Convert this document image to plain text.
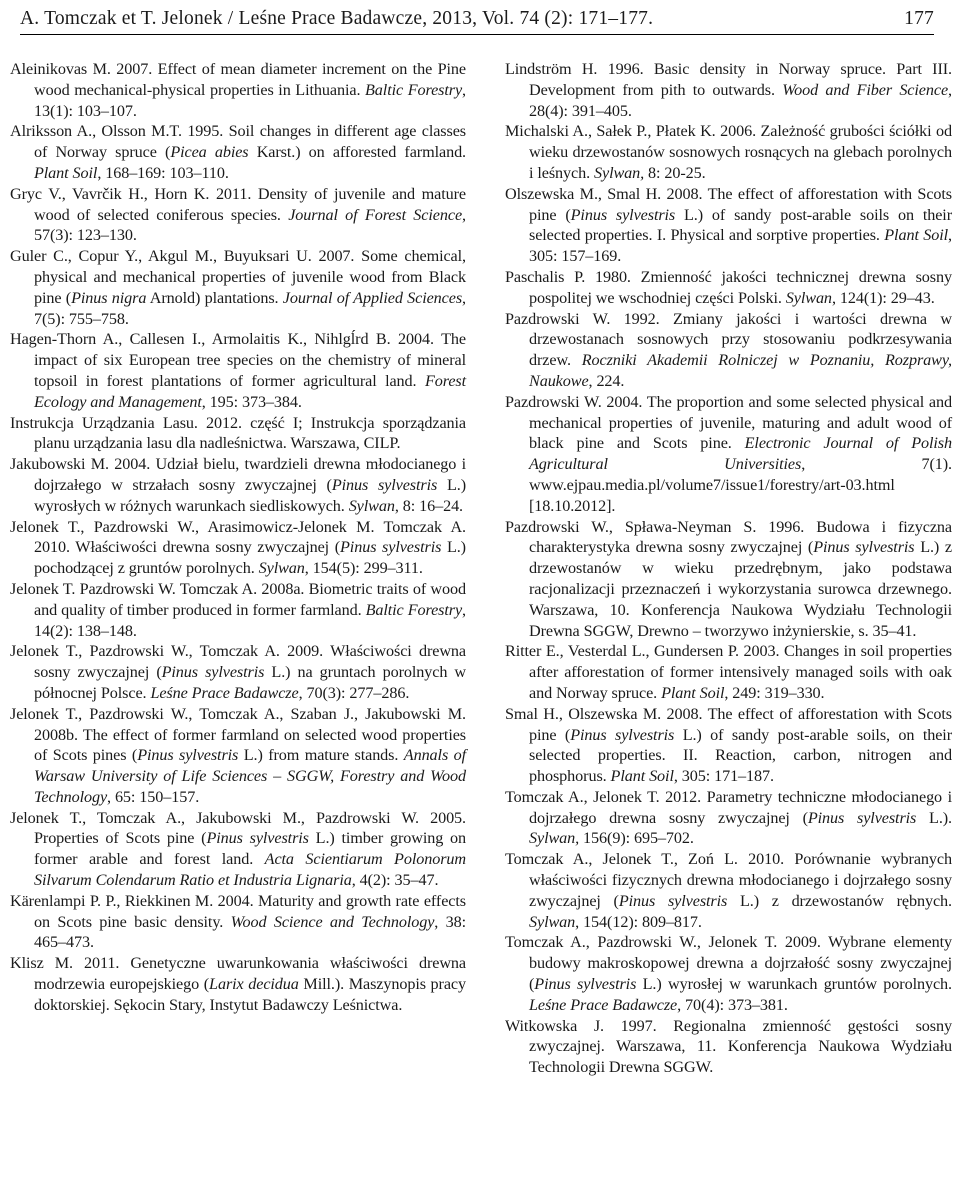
A. Tomczak et T. Jelonek / Leśne Prace Badawcze, 2013, Vol. 74 (2): 171–177.	177

Aleinikovas M. 2007. Effect of mean diameter increment on the Pine wood mechanical-physical properties in Lithuania. Baltic Forestry, 13(1): 103–107.

Alriksson A., Olsson M.T. 1995. Soil changes in different age classes of Norway spruce (Picea abies Karst.) on afforested farmland. Plant Soil, 168–169: 103–110.

Gryc V., Vavrčik H., Horn K. 2011. Density of juvenile and mature wood of selected coniferous species. Journal of Forest Science, 57(3): 123–130.

Guler C., Copur Y., Akgul M., Buyuksari U. 2007. Some chemical, physical and mechanical properties of juvenile wood from Black pine (Pinus nigra Arnold) plantations. Journal of Applied Sciences, 7(5): 755–758.

Hagen-Thorn A., Callesen I., Armolaitis K., Nihlgĺrd B. 2004. The impact of six European tree species on the chemistry of mineral topsoil in forest plantations of former agricultural land. Forest Ecology and Management, 195: 373–384.

Instrukcja Urządzania Lasu. 2012. część I; Instrukcja sporządzania planu urządzania lasu dla nadleśnictwa. Warszawa, CILP.

Jakubowski M. 2004. Udział bielu, twardzieli drewna młodocianego i dojrzałego w strzałach sosny zwyczajnej (Pinus sylvestris L.) wyrosłych w różnych warunkach siedliskowych. Sylwan, 8: 16–24.

Jelonek T., Pazdrowski W., Arasimowicz-Jelonek M. Tomczak A. 2010. Właściwości drewna sosny zwyczajnej (Pinus sylvestris L.) pochodzącej z gruntów porolnych. Sylwan, 154(5): 299–311.

Jelonek T. Pazdrowski W. Tomczak A. 2008a. Biometric traits of wood and quality of timber produced in former farmland. Baltic Forestry, 14(2): 138–148.

Jelonek T., Pazdrowski W., Tomczak A. 2009. Właściwości drewna sosny zwyczajnej (Pinus sylvestris L.) na gruntach porolnych w północnej Polsce. Leśne Prace Badawcze, 70(3): 277–286.

Jelonek T., Pazdrowski W., Tomczak A., Szaban J., Jakubowski M. 2008b. The effect of former farmland on selected wood properties of Scots pines (Pinus sylvestris L.) from mature stands. Annals of Warsaw University of Life Sciences – SGGW, Forestry and Wood Technology, 65: 150–157.

Jelonek T., Tomczak A., Jakubowski M., Pazdrowski W. 2005. Properties of Scots pine (Pinus sylvestris L.) timber growing on former arable and forest land. Acta Scientiarum Polonorum Silvarum Colendarum Ratio et Industria Lignaria, 4(2): 35–47.

Kärenlampi P. P., Riekkinen M. 2004. Maturity and growth rate effects on Scots pine basic density. Wood Science and Technology, 38: 465–473.

Klisz M. 2011. Genetyczne uwarunkowania właściwości drewna modrzewia europejskiego (Larix decidua Mill.). Maszynopis pracy doktorskiej. Sękocin Stary, Instytut Badawczy Leśnictwa.

Lindström H. 1996. Basic density in Norway spruce. Part III. Development from pith to outwards. Wood and Fiber Science, 28(4): 391–405.

Michalski A., Sałek P., Płatek K. 2006. Zależność grubości ściółki od wieku drzewostanów sosnowych rosnących na glebach porolnych i leśnych. Sylwan, 8: 20-25.

Olszewska M., Smal H. 2008. The effect of afforestation with Scots pine (Pinus sylvestris L.) of sandy post-arable soils on their selected properties. I. Physical and sorptive properties. Plant Soil, 305: 157–169.

Paschalis P. 1980. Zmienność jakości technicznej drewna sosny pospolitej we wschodniej części Polski. Sylwan, 124(1): 29–43.

Pazdrowski W. 1992. Zmiany jakości i wartości drewna w drzewostanach sosnowych przy stosowaniu podkrzesywania drzew. Roczniki Akademii Rolniczej w Poznaniu, Rozprawy, Naukowe, 224.

Pazdrowski W. 2004. The proportion and some selected physical and mechanical properties of juvenile, maturing and adult wood of black pine and Scots pine. Electronic Journal of Polish Agricultural Universities, 7(1). www.ejpau.media.pl/volume7/issue1/forestry/art-03.html [18.10.2012].

Pazdrowski W., Spława-Neyman S. 1996. Budowa i fizyczna charakterystyka drewna sosny zwyczajnej (Pinus sylvestris L.) z drzewostanów w wieku przedrębnym, jako podstawa racjonalizacji przeznaczeń i wykorzystania surowca drzewnego. Warszawa, 10. Konferencja Naukowa Wydziału Technologii Drewna SGGW, Drewno – tworzywo inżynierskie, s. 35–41.

Ritter E., Vesterdal L., Gundersen P. 2003. Changes in soil properties after afforestation of former intensively managed soils with oak and Norway spruce. Plant Soil, 249: 319–330.

Smal H., Olszewska M. 2008. The effect of afforestation with Scots pine (Pinus sylvestris L.) of sandy post-arable soils, on their selected properties. II. Reaction, carbon, nitrogen and phosphorus. Plant Soil, 305: 171–187.

Tomczak A., Jelonek T. 2012. Parametry techniczne młodocianego i dojrzałego drewna sosny zwyczajnej (Pinus sylvestris L.). Sylwan, 156(9): 695–702.

Tomczak A., Jelonek T., Zoń L. 2010. Porównanie wybranych właściwości fizycznych drewna młodocianego i dojrzałego sosny zwyczajnej (Pinus sylvestris L.) z drzewostanów rębnych. Sylwan, 154(12): 809–817.

Tomczak A., Pazdrowski W., Jelonek T. 2009. Wybrane elementy budowy makroskopowej drewna a dojrzałość sosny zwyczajnej (Pinus sylvestris L.) wyrosłej w warunkach gruntów porolnych. Leśne Prace Badawcze, 70(4): 373–381.

Witkowska J. 1997. Regionalna zmienność gęstości sosny zwyczajnej. Warszawa, 11. Konferencja Naukowa Wydziału Technologii Drewna SGGW.
